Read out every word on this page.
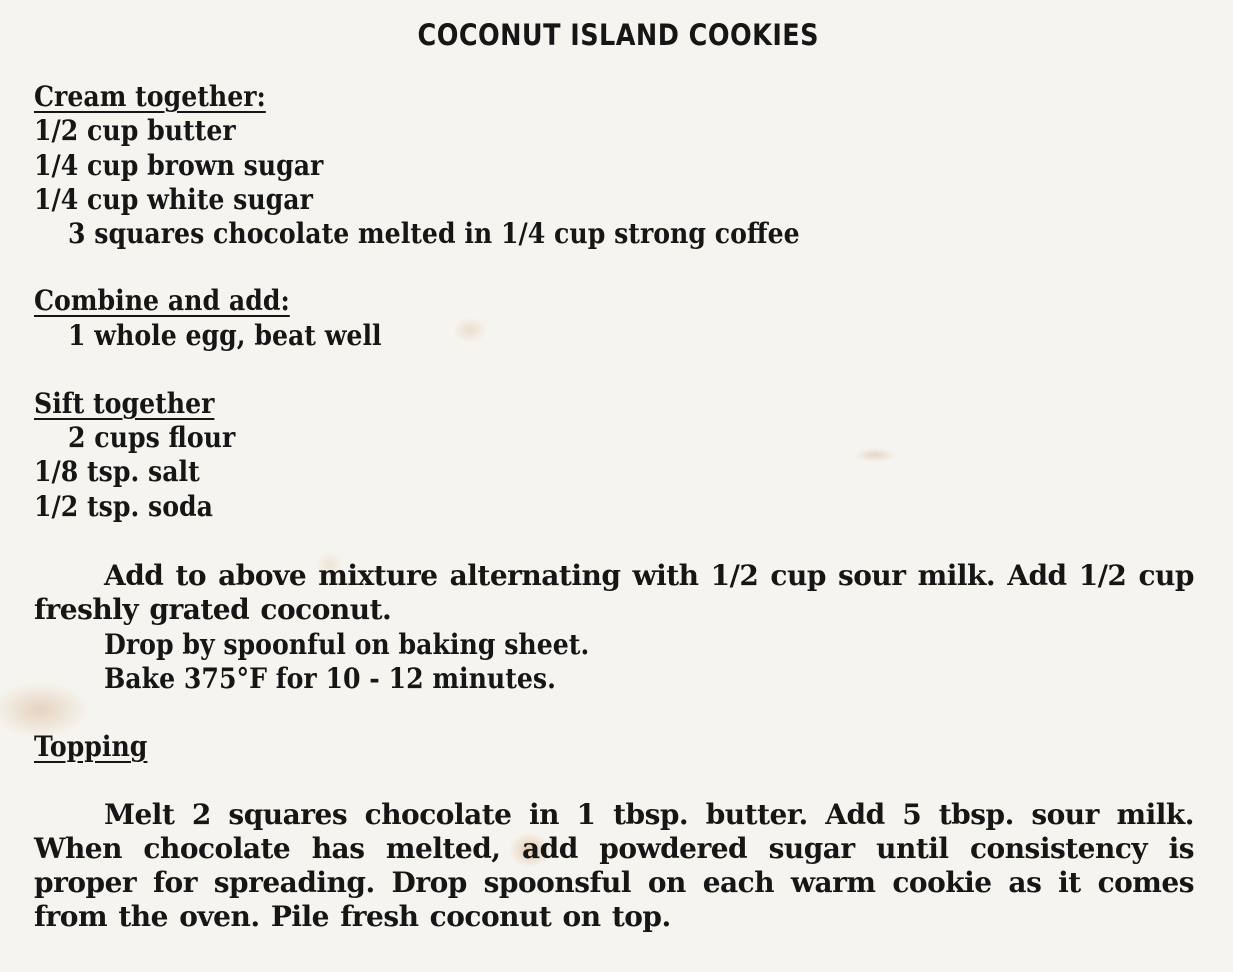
COCONUT ISLAND COOKIES
Cream together:
1/2 cup butter
1/4 cup brown sugar
1/4 cup white sugar
3 squares chocolate melted in 1/4 cup strong coffee
Combine and add:
1 whole egg, beat well
Sift together
2 cups flour
1/8 tsp. salt
1/2 tsp. soda
Add to above mixture alternating with 1/2 cup sour milk. Add 1/2 cup freshly grated coconut.
Drop by spoonful on baking sheet.
Bake 375°F for 10 - 12 minutes.
Topping
Melt 2 squares chocolate in 1 tbsp. butter. Add 5 tbsp. sour milk. When chocolate has melted, add powdered sugar until consistency is proper for spreading. Drop spoonsful on each warm cookie as it comes from the oven. Pile fresh coconut on top.
